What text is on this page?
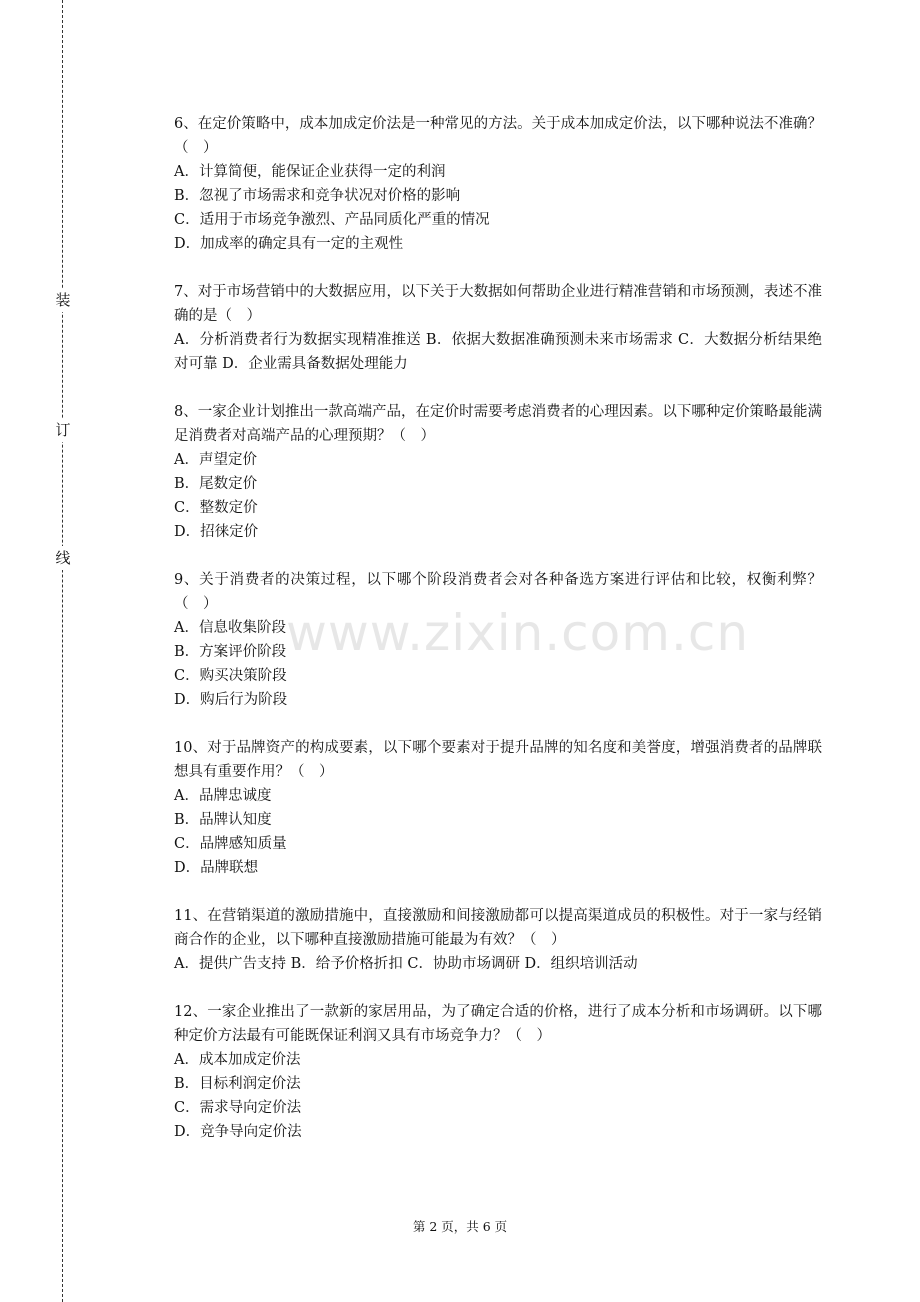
装
订
线
www.zixin.com.cn

6、在定价策略中，成本加成定价法是一种常见的方法。关于成本加成定价法，以下哪种说法不准确？（　）

A．计算简便，能保证企业获得一定的利润

B．忽视了市场需求和竞争状况对价格的影响

C．适用于市场竞争激烈、产品同质化严重的情况

D．加成率的确定具有一定的主观性

7、对于市场营销中的大数据应用，以下关于大数据如何帮助企业进行精准营销和市场预测，表述不准确的是（　）

A．分析消费者行为数据实现精准推送 B．依据大数据准确预测未来市场需求 C．大数据分析结果绝对可靠 D．企业需具备数据处理能力

8、一家企业计划推出一款高端产品，在定价时需要考虑消费者的心理因素。以下哪种定价策略最能满足消费者对高端产品的心理预期？（　）

A．声望定价

B．尾数定价

C．整数定价

D．招徕定价

9、关于消费者的决策过程，以下哪个阶段消费者会对各种备选方案进行评估和比较，权衡利弊？（　）

A．信息收集阶段

B．方案评价阶段

C．购买决策阶段

D．购后行为阶段

10、对于品牌资产的构成要素，以下哪个要素对于提升品牌的知名度和美誉度，增强消费者的品牌联想具有重要作用？（　）

A．品牌忠诚度

B．品牌认知度

C．品牌感知质量

D．品牌联想

11、在营销渠道的激励措施中，直接激励和间接激励都可以提高渠道成员的积极性。对于一家与经销商合作的企业，以下哪种直接激励措施可能最为有效？（　）

A．提供广告支持 B．给予价格折扣 C．协助市场调研 D．组织培训活动

12、一家企业推出了一款新的家居用品，为了确定合适的价格，进行了成本分析和市场调研。以下哪种定价方法最有可能既保证利润又具有市场竞争力？（　）

A．成本加成定价法

B．目标利润定价法

C．需求导向定价法

D．竞争导向定价法

第 2 页，共 6 页
